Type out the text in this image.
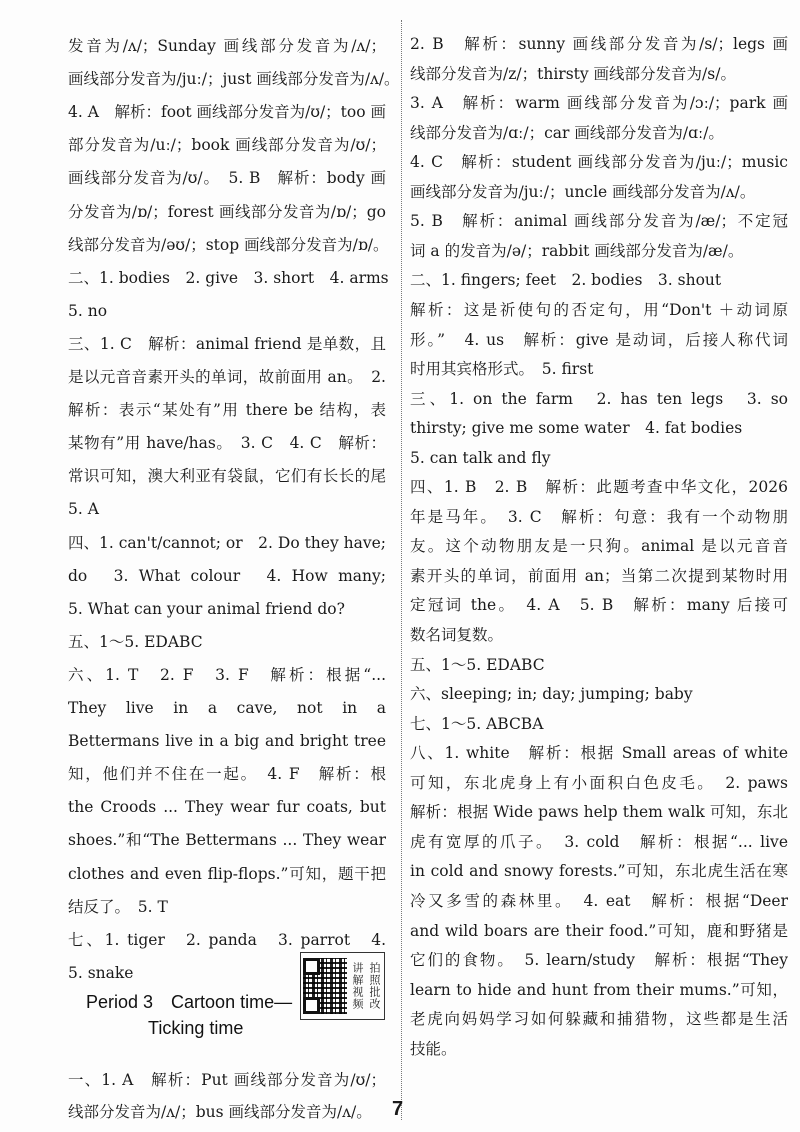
Period 3　Cartoon time—
Ticking time
讲解视频 拍照批改
7
发音为/ʌ/；Sunday 画线部分发音为/ʌ/；
画线部分发音为/juː/；just 画线部分发音为/ʌ/。
4. A　解析：foot 画线部分发音为/ʊ/；too 画
部分发音为/uː/；book 画线部分发音为/ʊ/；
画线部分发音为/ʊ/。　5. B　解析：body 画
分发音为/ɒ/；forest 画线部分发音为/ɒ/；go
线部分发音为/əʊ/；stop 画线部分发音为/ɒ/。
二、1. bodies　2. give　3. short　4. arms
5. no
三、1. C　解析：animal friend 是单数，且
是以元音音素开头的单词，故前面用 an。　2.
解析：表示“某处有”用 there be 结构，表
某物有”用 have/has。　3. C　4. C　解析：
常识可知，澳大利亚有袋鼠，它们有长长的尾
5. A
四、1. can't/cannot; or　2. Do they have;
do　3. What colour　4. How many;
5. What can your animal friend do?
五、1～5. EDABC
六、1. T　2. F　3. F　解析：根据“...
They live in a cave, not in a
Bettermans live in a big and bright tree
知，他们并不住在一起。　4. F　解析：根
the Croods ... They wear fur coats, but
shoes.”和“The Bettermans ... They wear
clothes and even flip-flops.”可知，题干把
结反了。　5. T
七、1. tiger　2. panda　3. parrot　4.
5. snake
一、1. A　解析：Put 画线部分发音为/ʊ/；
线部分发音为/ʌ/；bus 画线部分发音为/ʌ/。
2. B　解析：sunny 画线部分发音为/s/；legs 画
线部分发音为/z/；thirsty 画线部分发音为/s/。
3. A　解析：warm 画线部分发音为/ɔː/；park 画
线部分发音为/ɑː/；car 画线部分发音为/ɑː/。
4. C　解析：student 画线部分发音为/juː/；music
画线部分发音为/juː/；uncle 画线部分发音为/ʌ/。
5. B　解析：animal 画线部分发音为/æ/；不定冠
词 a 的发音为/ə/；rabbit 画线部分发音为/æ/。
二、1. fingers; feet　2. bodies　3. shout
解析：这是祈使句的否定句，用“Don't ＋动词原
形。”　4. us　解析：give 是动词，后接人称代词
时用其宾格形式。　5. first
三、1. on the farm　2. has ten legs　3. so
thirsty; give me some water　4. fat bodies
5. can talk and fly
四、1. B　2. B　解析：此题考查中华文化，2026
年是马年。　3. C　解析：句意：我有一个动物朋
友。这个动物朋友是一只狗。animal 是以元音音
素开头的单词，前面用 an；当第二次提到某物时用
定冠词 the。　4. A　5. B　解析：many 后接可
数名词复数。
五、1～5. EDABC
六、sleeping; in; day; jumping; baby
七、1～5. ABCBA
八、1. white　解析：根据 Small areas of white
可知，东北虎身上有小面积白色皮毛。　2. paws
解析：根据 Wide paws help them walk 可知，东北
虎有宽厚的爪子。　3. cold　解析：根据“... live
in cold and snowy forests.”可知，东北虎生活在寒
冷又多雪的森林里。　4. eat　解析：根据“Deer
and wild boars are their food.”可知，鹿和野猪是
它们的食物。　5. learn/study　解析：根据“They
learn to hide and hunt from their mums.”可知，
老虎向妈妈学习如何躲藏和捕猎物，这些都是生活
技能。
